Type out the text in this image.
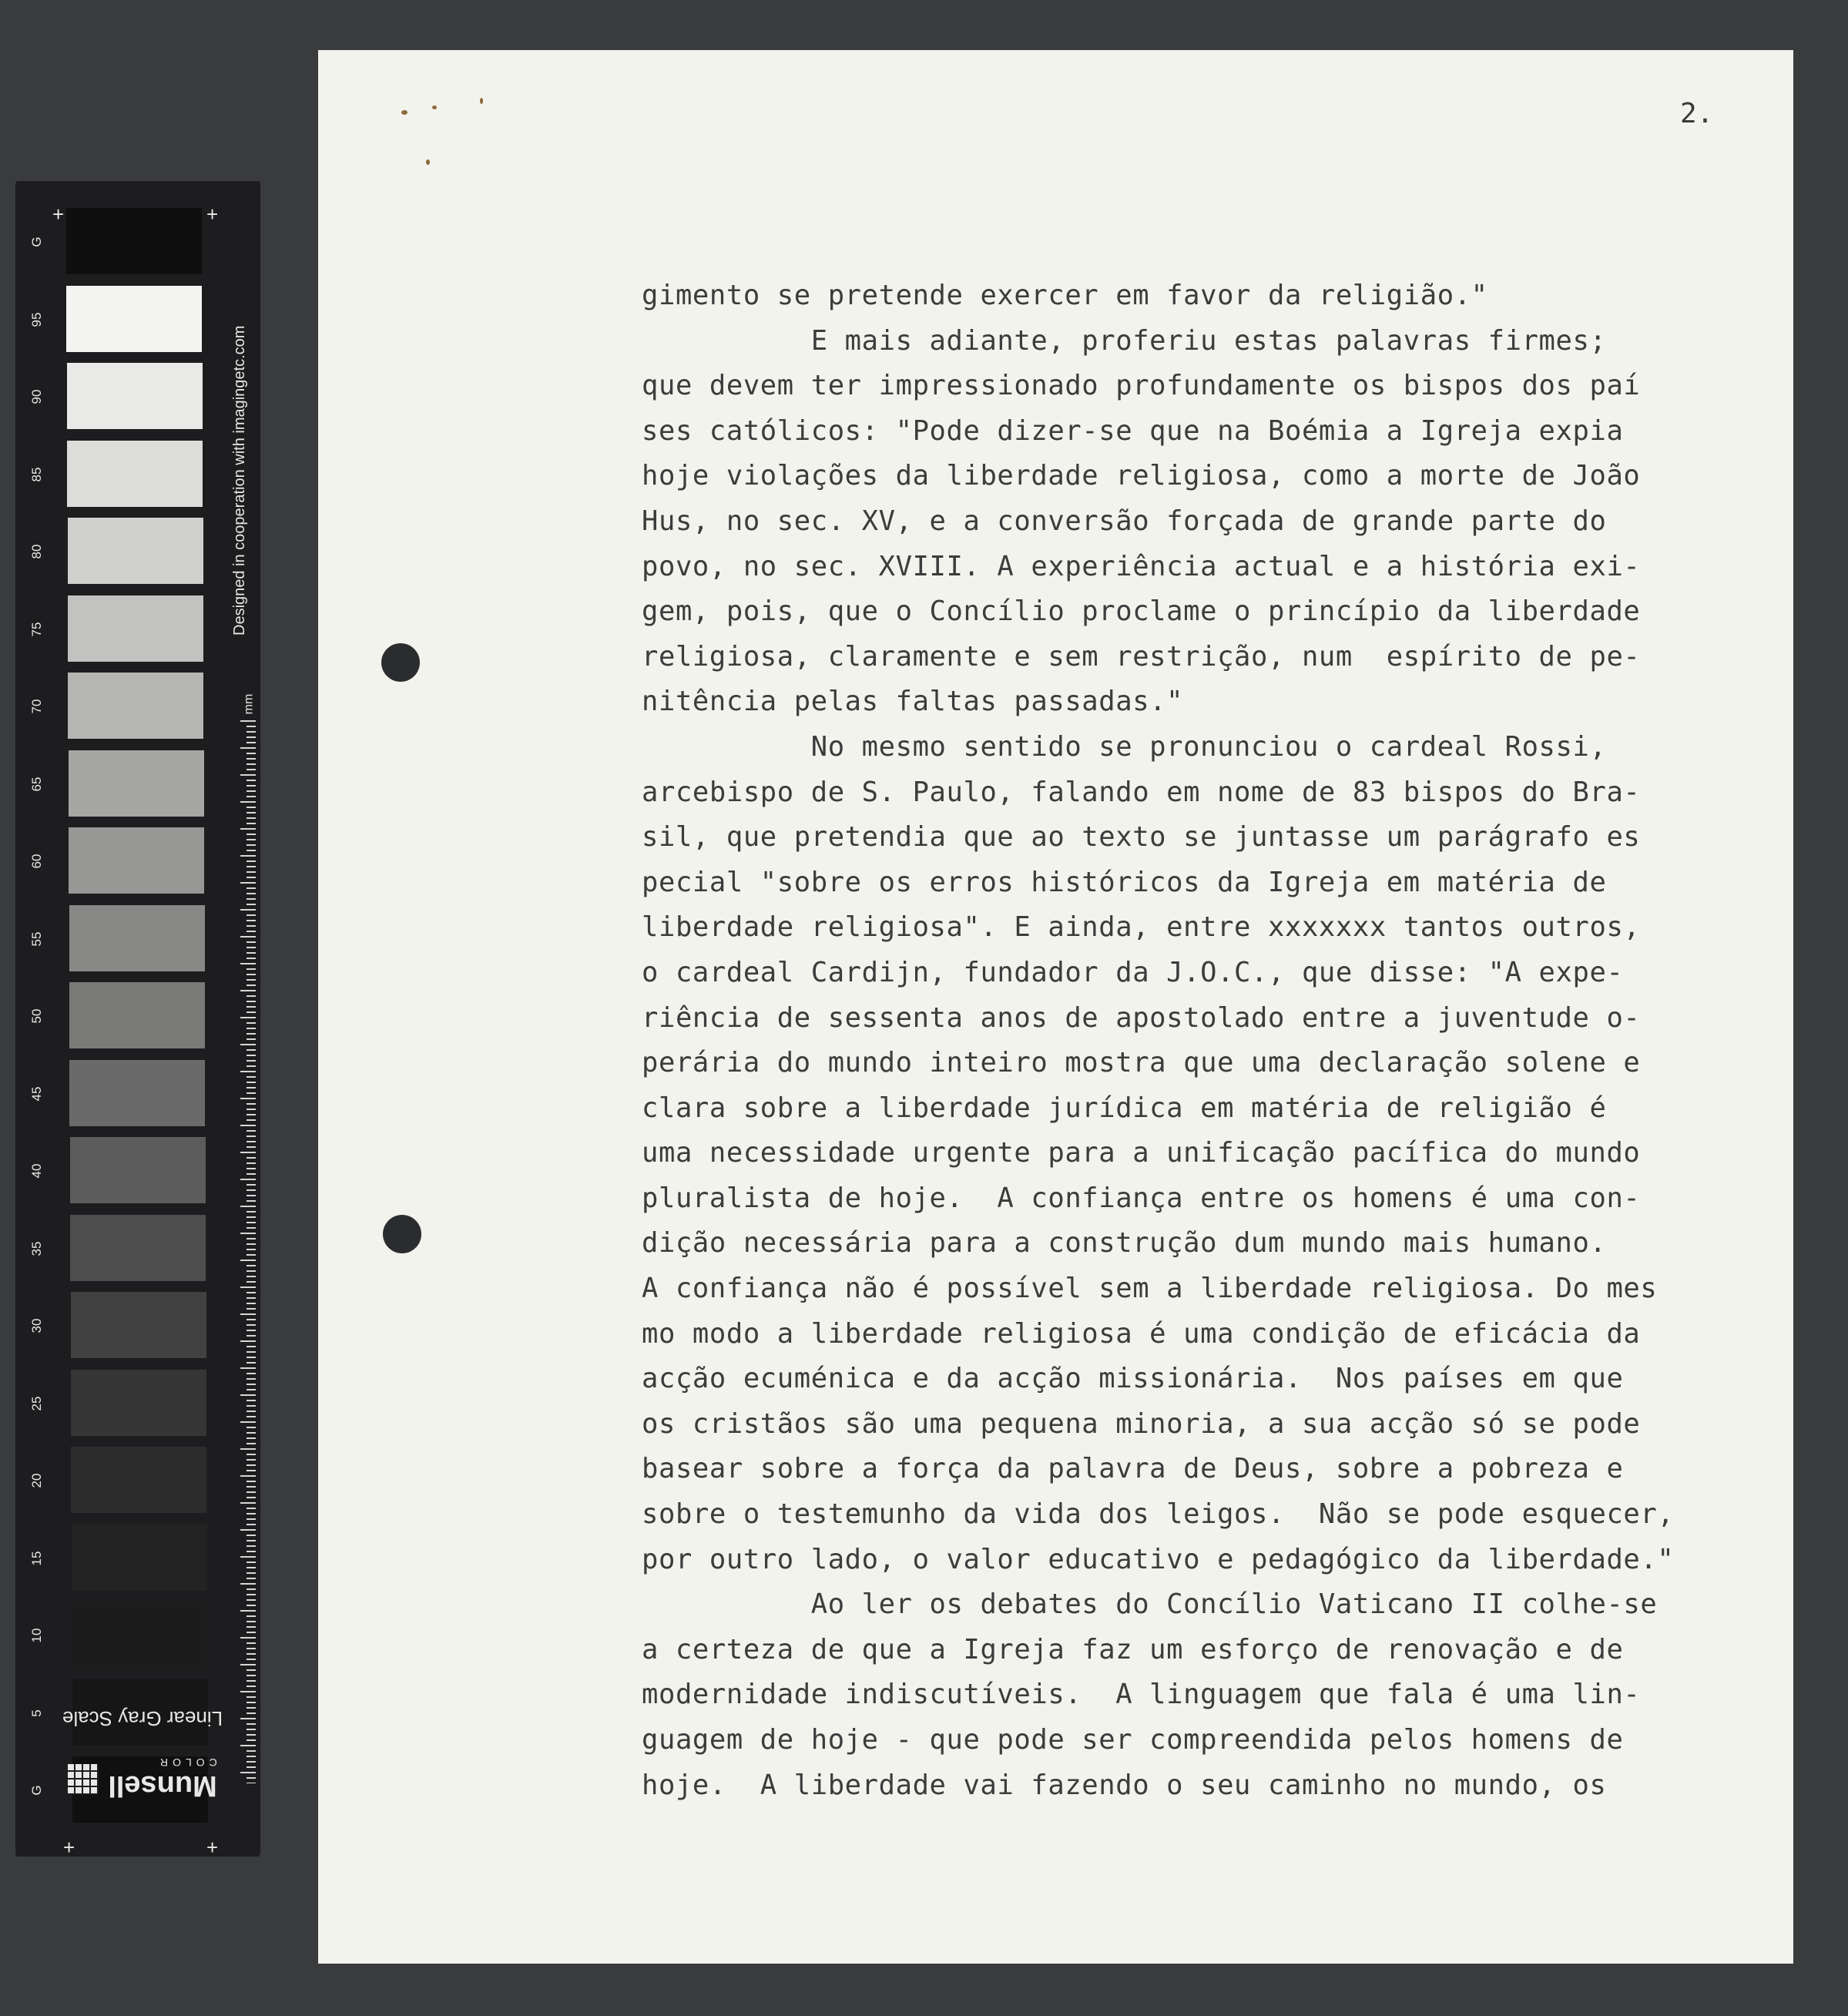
G
95
90
85
80
75
70
65
60
55
50
45
40
35
30
25
20
15
10
5
G
Designed in cooperation with imagingetc.com
mm
+
+
+	+
Linear Gray Scale
Munsell
COLOR
2.
gimento se pretende exercer em favor da religião."
E mais adiante, proferiu estas palavras firmes;
que devem ter impressionado profundamente os bispos dos paí
ses católicos: "Pode dizer-se que na Boémia a Igreja expia
hoje violações da liberdade religiosa, como a morte de João
Hus, no sec. XV, e a conversão forçada de grande parte do
povo, no sec. XVIII. A experiência actual e a história exi-
gem, pois, que o Concílio proclame o princípio da liberdade
religiosa, claramente e sem restrição, num  espírito de pe-
nitência pelas faltas passadas."
No mesmo sentido se pronunciou o cardeal Rossi,
arcebispo de S. Paulo, falando em nome de 83 bispos do Bra-
sil, que pretendia que ao texto se juntasse um parágrafo es
pecial "sobre os erros históricos da Igreja em matéria de
liberdade religiosa". E ainda, entre xxxxxxx tantos outros,
o cardeal Cardijn, fundador da J.O.C., que disse: "A expe-
riência de sessenta anos de apostolado entre a juventude o-
perária do mundo inteiro mostra que uma declaração solene e
clara sobre a liberdade jurídica em matéria de religião é
uma necessidade urgente para a unificação pacífica do mundo
pluralista de hoje.  A confiança entre os homens é uma con-
dição necessária para a construção dum mundo mais humano.
A confiança não é possível sem a liberdade religiosa. Do mes
mo modo a liberdade religiosa é uma condição de eficácia da
acção ecuménica e da acção missionária.  Nos países em que
os cristãos são uma pequena minoria, a sua acção só se pode
basear sobre a força da palavra de Deus, sobre a pobreza e
sobre o testemunho da vida dos leigos.  Não se pode esquecer,
por outro lado, o valor educativo e pedagógico da liberdade."
Ao ler os debates do Concílio Vaticano II colhe-se
a certeza de que a Igreja faz um esforço de renovação e de
modernidade indiscutíveis.  A linguagem que fala é uma lin-
guagem de hoje - que pode ser compreendida pelos homens de
hoje.  A liberdade vai fazendo o seu caminho no mundo, os
